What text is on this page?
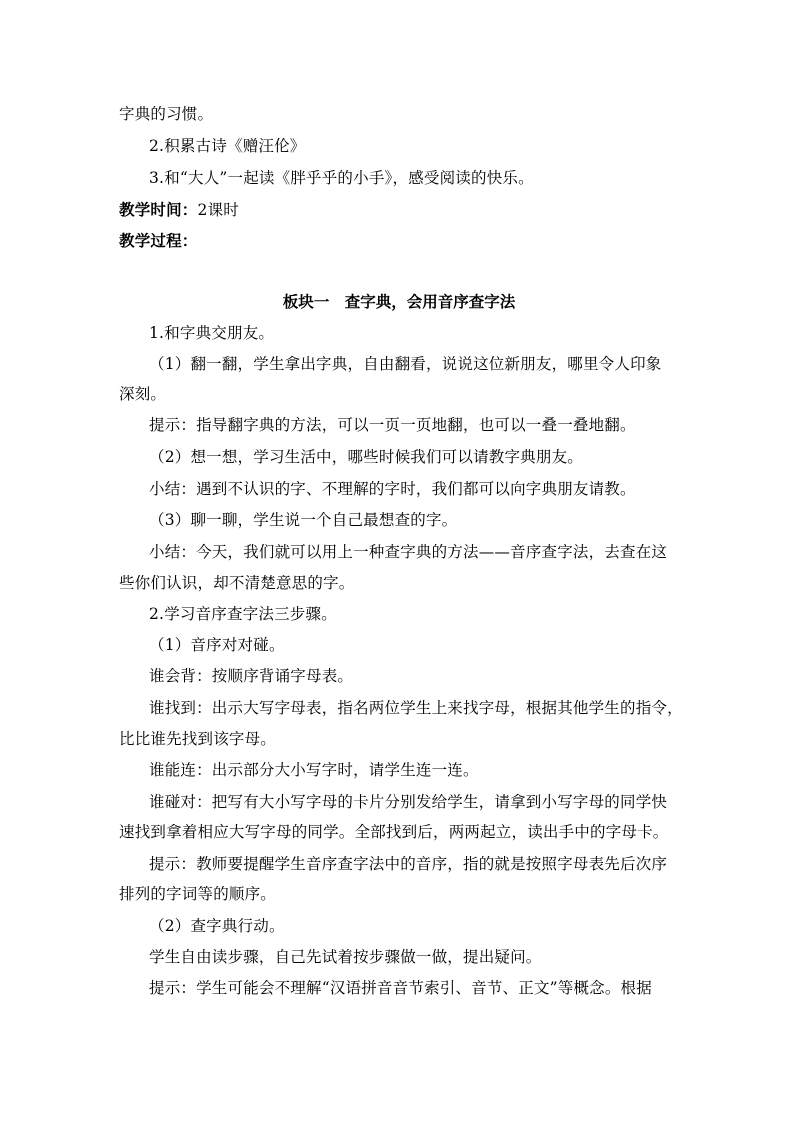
字典的习惯。
2.积累古诗《赠汪伦》
3.和“大人”一起读《胖乎乎的小手》，感受阅读的快乐。
教学时间：2课时
教学过程：
板块一　查字典，会用音序查字法
1.和字典交朋友。
（1）翻一翻，学生拿出字典，自由翻看，说说这位新朋友，哪里令人印象
深刻。
提示：指导翻字典的方法，可以一页一页地翻，也可以一叠一叠地翻。
（2）想一想，学习生活中，哪些时候我们可以请教字典朋友。
小结：遇到不认识的字、不理解的字时，我们都可以向字典朋友请教。
（3）聊一聊，学生说一个自己最想查的字。
小结：今天，我们就可以用上一种查字典的方法——音序查字法，去查在这
些你们认识，却不清楚意思的字。
2.学习音序查字法三步骤。
（1）音序对对碰。
谁会背：按顺序背诵字母表。
谁找到：出示大写字母表，指名两位学生上来找字母，根据其他学生的指令，
比比谁先找到该字母。
谁能连：出示部分大小写字时，请学生连一连。
谁碰对：把写有大小写字母的卡片分别发给学生，请拿到小写字母的同学快
速找到拿着相应大写字母的同学。全部找到后，两两起立，读出手中的字母卡。
提示：教师要提醒学生音序查字法中的音序，指的就是按照字母表先后次序
排列的字词等的顺序。
（2）查字典行动。
学生自由读步骤，自己先试着按步骤做一做，提出疑问。
提示：学生可能会不理解“汉语拼音音节索引、音节、正文”等概念。根据
